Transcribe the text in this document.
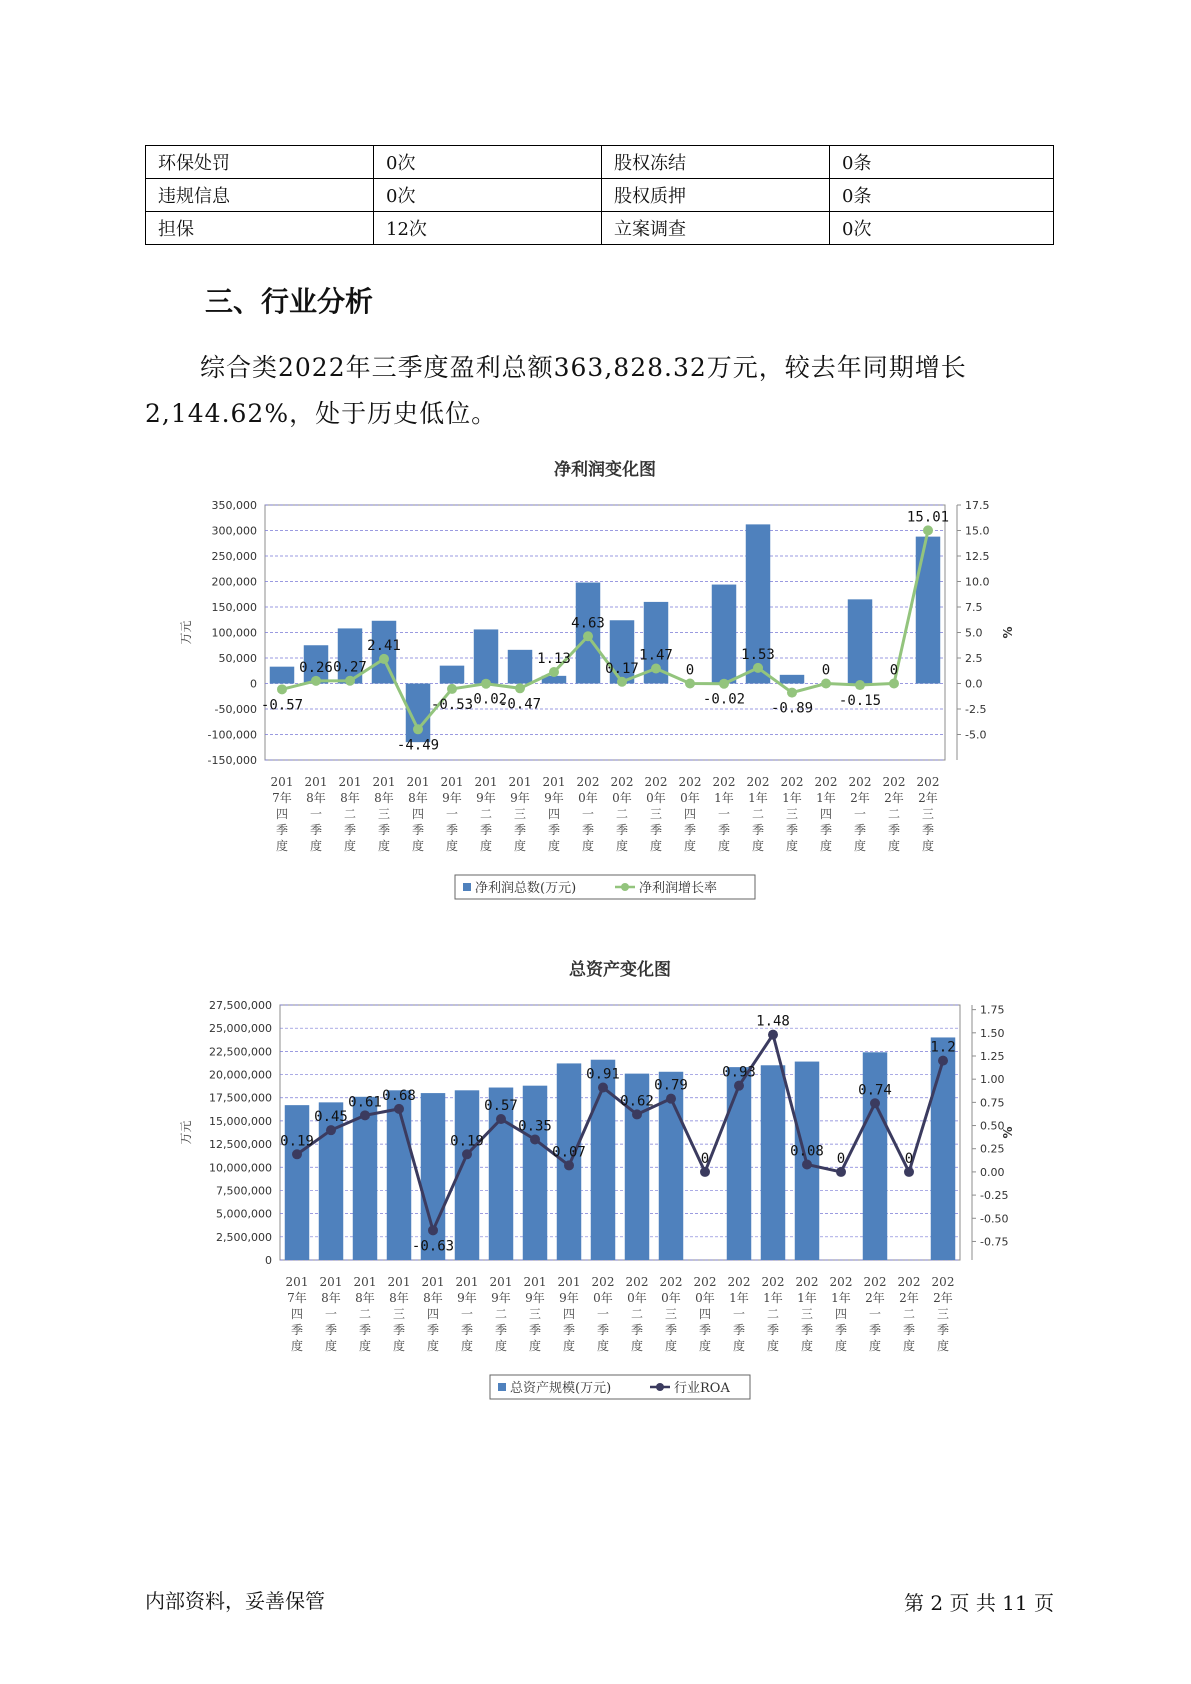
环保处罚	0次	股权冻结	0条
违规信息	0次	股权质押	0条
担保	12次	立案调查	0次
三、行业分析

综合类2022年三季度盈利总额363,828.32万元，较去年同期增长2,144.62%，处于历史低位。

净利润变化图
350,000
300,000
250,000
200,000
150,000
100,000
50,000
0
-50,000
-100,000
-150,000
17.5
15.0
12.5
10.0
7.5
5.0
2.5
0.0
-2.5
-5.0
万元	%
-0.57
0.26 0.27
2.41
-4.49
-0.53
-0.02
-0.47
1.13
4.63
0.17
1.47
0
-0.02
1.53
-0.89
0
-0.15
0
15.01
201
7年
四
季
度
201
8年
一
季
度
201
8年
二
季
度
201
8年
三
季
度
201
8年
四
季
度
201
9年
一
季
度
201
9年
二
季
度
201
9年
三
季
度
201
9年
四
季
度
202
0年
一
季
度
202
0年
二
季
度
202
0年
三
季
度
202
0年
四
季
度
202
1年
一
季
度
202
1年
二
季
度
202
1年
三
季
度
202
1年
四
季
度
202
2年
一
季
度
202
2年
二
季
度
202
2年
三
季
度
净利润总数(万元)	净利润增长率
总资产变化图
27,500,000
25,000,000
22,500,000
20,000,000
17,500,000
15,000,000
12,500,000
10,000,000
7,500,000
5,000,000
2,500,000
0
1.75
1.50
1.25
1.00
0.75
0.50
0.25
0.00
-0.25
-0.50
-0.75
万元	%
0.19
0.45
0.61 0.68
-0.63
0.19
0.57
0.35
0.07
0.91
0.62
0.79
0
0.93
1.48
0.08 0
0.74
0
1.2
201
7年
四
季
度
201
8年
一
季
度
201
8年
二
季
度
201
8年
三
季
度
201
8年
四
季
度
201
9年
一
季
度
201
9年
二
季
度
201
9年
三
季
度
201
9年
四
季
度
202
0年
一
季
度
202
0年
二
季
度
202
0年
三
季
度
202
0年
四
季
度
202
1年
一
季
度
202
1年
二
季
度
202
1年
三
季
度
202
1年
四
季
度
202
2年
一
季
度
202
2年
二
季
度
202
2年
三
季
度
总资产规模(万元)	行业ROA
内部资料，妥善保管	第 2 页 共 11 页
